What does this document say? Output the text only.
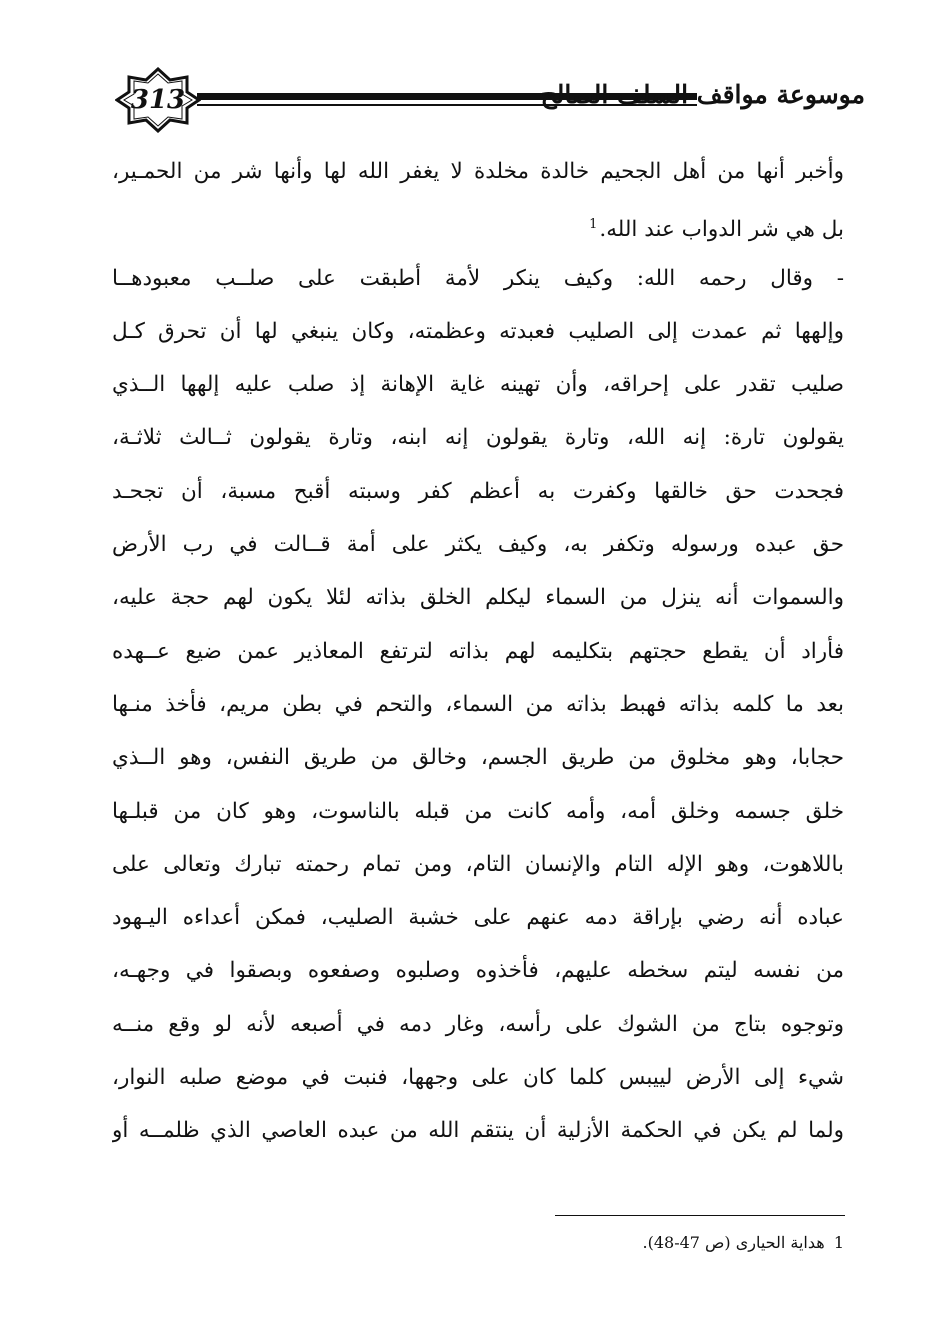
313	موسوعة مواقف السلف الصالح
وأخبر أنها من أهل الجحيم خالدة مخلدة لا يغفر الله لها وأنها شر من الحمـير،
بل هي شر الدواب عند الله.$^1$
- وقال رحمه الله: وكيف ينكر لأمة أطبقت على صلــب معبودهــا
وإلهها ثم عمدت إلى الصليب فعبدته وعظمته، وكان ينبغي لها أن تحرق كـل
صليب تقدر على إحراقه، وأن تهينه غاية الإهانة إذ صلب عليه إلهها الــذي
يقولون تارة: إنه الله، وتارة يقولون إنه ابنه، وتارة يقولون ثــالث ثلاثـة،
فجحدت حق خالقها وكفرت به أعظم كفر وسبته أقبح مسبة، أن تجحـد
حق عبده ورسوله وتكفر به، وكيف يكثر على أمة قــالت في رب الأرض
والسموات أنه ينزل من السماء ليكلم الخلق بذاته لئلا يكون لهم حجة عليه،
فأراد أن يقطع حجتهم بتكليمه لهم بذاته لترتفع المعاذير عمن ضيع عــهده
بعد ما كلمه بذاته فهبط بذاته من السماء، والتحم في بطن مريم، فأخذ منـها
حجابا، وهو مخلوق من طريق الجسم، وخالق من طريق النفس، وهو الــذي
خلق جسمه وخلق أمه، وأمه كانت من قبله بالناسوت، وهو كان من قبلـها
باللاهوت، وهو الإله التام والإنسان التام، ومن تمام رحمته تبارك وتعالى على
عباده أنه رضي بإراقة دمه عنهم على خشبة الصليب، فمكن أعداءه اليـهود
من نفسه ليتم سخطه عليهم، فأخذوه وصلبوه وصفعوه وبصقوا في وجهـه،
وتوجوه بتاج من الشوك على رأسه، وغار دمه في أصبعه لأنه لو وقع منــه
شيء إلى الأرض لييبس كلما كان على وجهها، فنبت في موضع صلبه النوار،
ولما لم يكن في الحكمة الأزلية أن ينتقم الله من عبده العاصي الذي ظلمــه أو
1 هداية الحيارى (ص 47-48).
